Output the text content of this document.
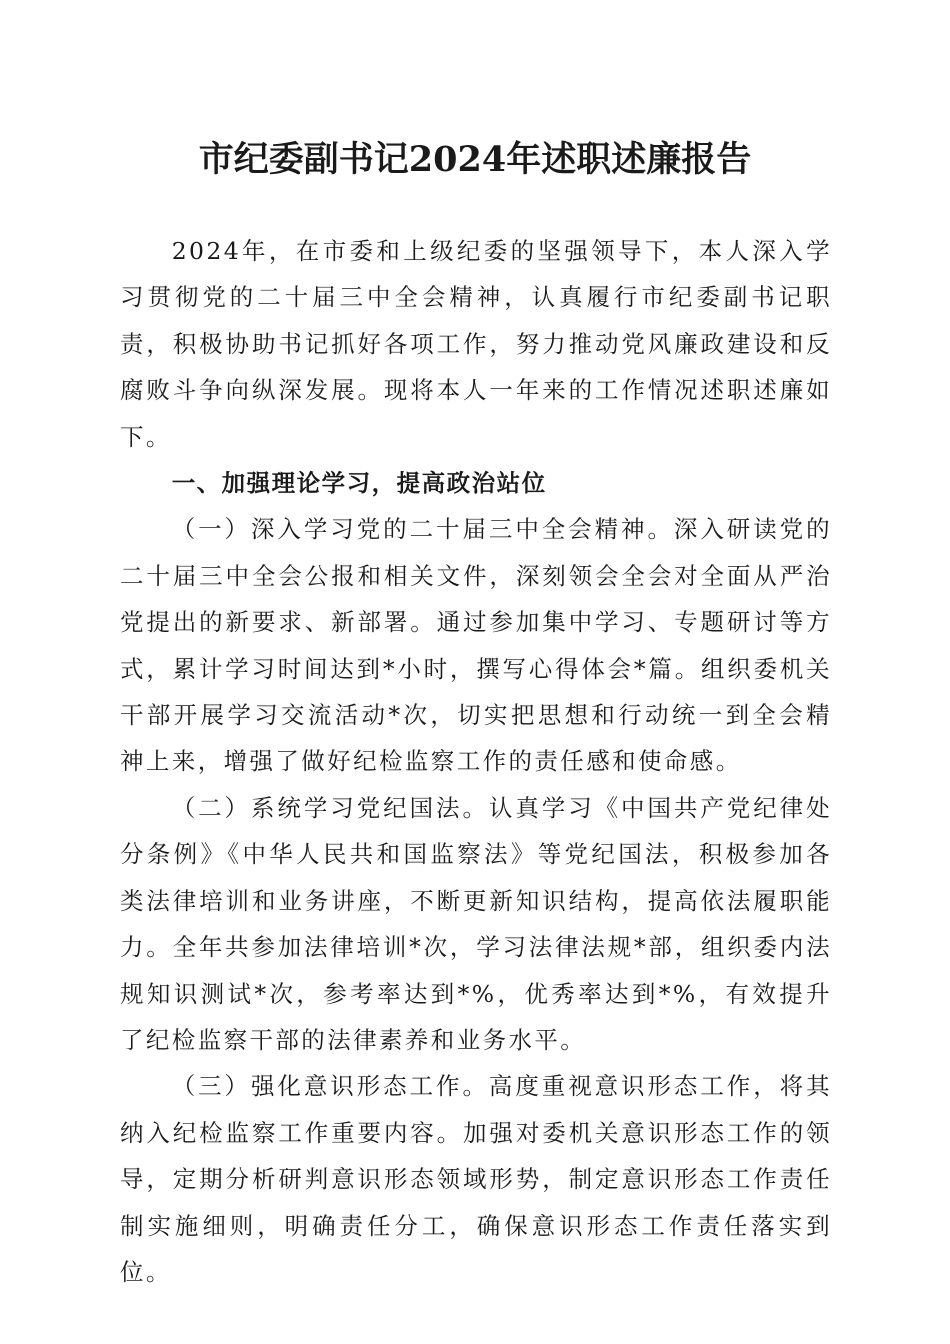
市纪委副书记2024年述职述廉报告

2024年，在市委和上级纪委的坚强领导下，本人深入学习贯彻党的二十届三中全会精神，认真履行市纪委副书记职责，积极协助书记抓好各项工作，努力推动党风廉政建设和反腐败斗争向纵深发展。现将本人一年来的工作情况述职述廉如下。

一、加强理论学习，提高政治站位

（一）深入学习党的二十届三中全会精神。深入研读党的二十届三中全会公报和相关文件，深刻领会全会对全面从严治党提出的新要求、新部署。通过参加集中学习、专题研讨等方式，累计学习时间达到*小时，撰写心得体会*篇。组织委机关干部开展学习交流活动*次，切实把思想和行动统一到全会精神上来，增强了做好纪检监察工作的责任感和使命感。

（二）系统学习党纪国法。认真学习《中国共产党纪律处分条例》《中华人民共和国监察法》等党纪国法，积极参加各类法律培训和业务讲座，不断更新知识结构，提高依法履职能力。全年共参加法律培训*次，学习法律法规*部，组织委内法规知识测试*次，参考率达到*%，优秀率达到*%，有效提升了纪检监察干部的法律素养和业务水平。

（三）强化意识形态工作。高度重视意识形态工作，将其纳入纪检监察工作重要内容。加强对委机关意识形态工作的领导，定期分析研判意识形态领域形势，制定意识形态工作责任制实施细则，明确责任分工，确保意识形态工作责任落实到位。
